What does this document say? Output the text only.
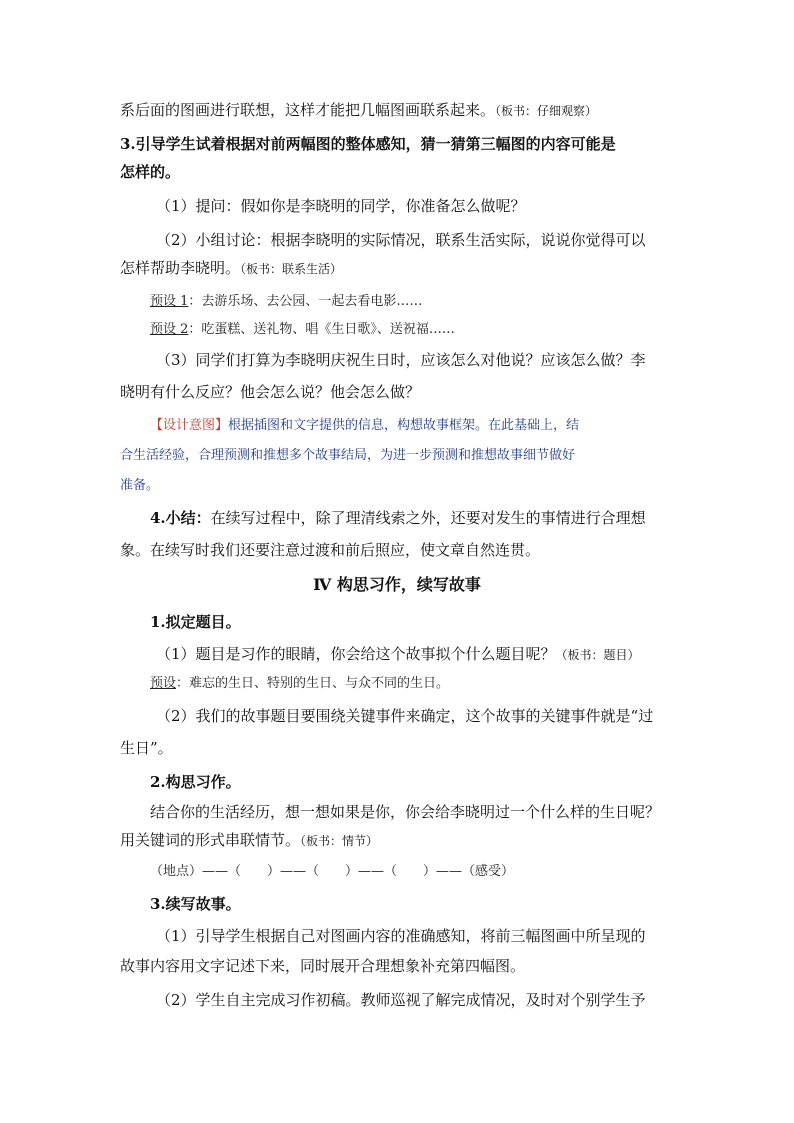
系后面的图画进行联想，这样才能把几幅图画联系起来。（板书：仔细观察）
3.引导学生试着根据对前两幅图的整体感知，猜一猜第三幅图的内容可能是
怎样的。
（1）提问：假如你是李晓明的同学，你准备怎么做呢？
（2）小组讨论：根据李晓明的实际情况，联系生活实际，说说你觉得可以
怎样帮助李晓明。（板书：联系生活）
预设 1：去游乐场、去公园、一起去看电影……
预设 2：吃蛋糕、送礼物、唱《生日歌》、送祝福……
（3）同学们打算为李晓明庆祝生日时，应该怎么对他说？应该怎么做？李
晓明有什么反应？他会怎么说？他会怎么做？
【设计意图】根据插图和文字提供的信息，构想故事框架。在此基础上，结
合生活经验，合理预测和推想多个故事结局，为进一步预测和推想故事细节做好
准备。
4.小结：在续写过程中，除了理清线索之外，还要对发生的事情进行合理想
象。在续写时我们还要注意过渡和前后照应，使文章自然连贯。
Ⅳ 构思习作，续写故事
1.拟定题目。
（1）题目是习作的眼睛，你会给这个故事拟个什么题目呢？（板书：题目）
预设：难忘的生日、特别的生日、与众不同的生日。
（2）我们的故事题目要围绕关键事件来确定，这个故事的关键事件就是“过
生日”。
2.构思习作。
结合你的生活经历，想一想如果是你，你会给李晓明过一个什么样的生日呢？
用关键词的形式串联情节。（板书：情节）
（地点）——（　　）——（　　）——（　　）——（感受）
3.续写故事。
（1）引导学生根据自己对图画内容的准确感知，将前三幅图画中所呈现的
故事内容用文字记述下来，同时展开合理想象补充第四幅图。
（2）学生自主完成习作初稿。教师巡视了解完成情况，及时对个别学生予
